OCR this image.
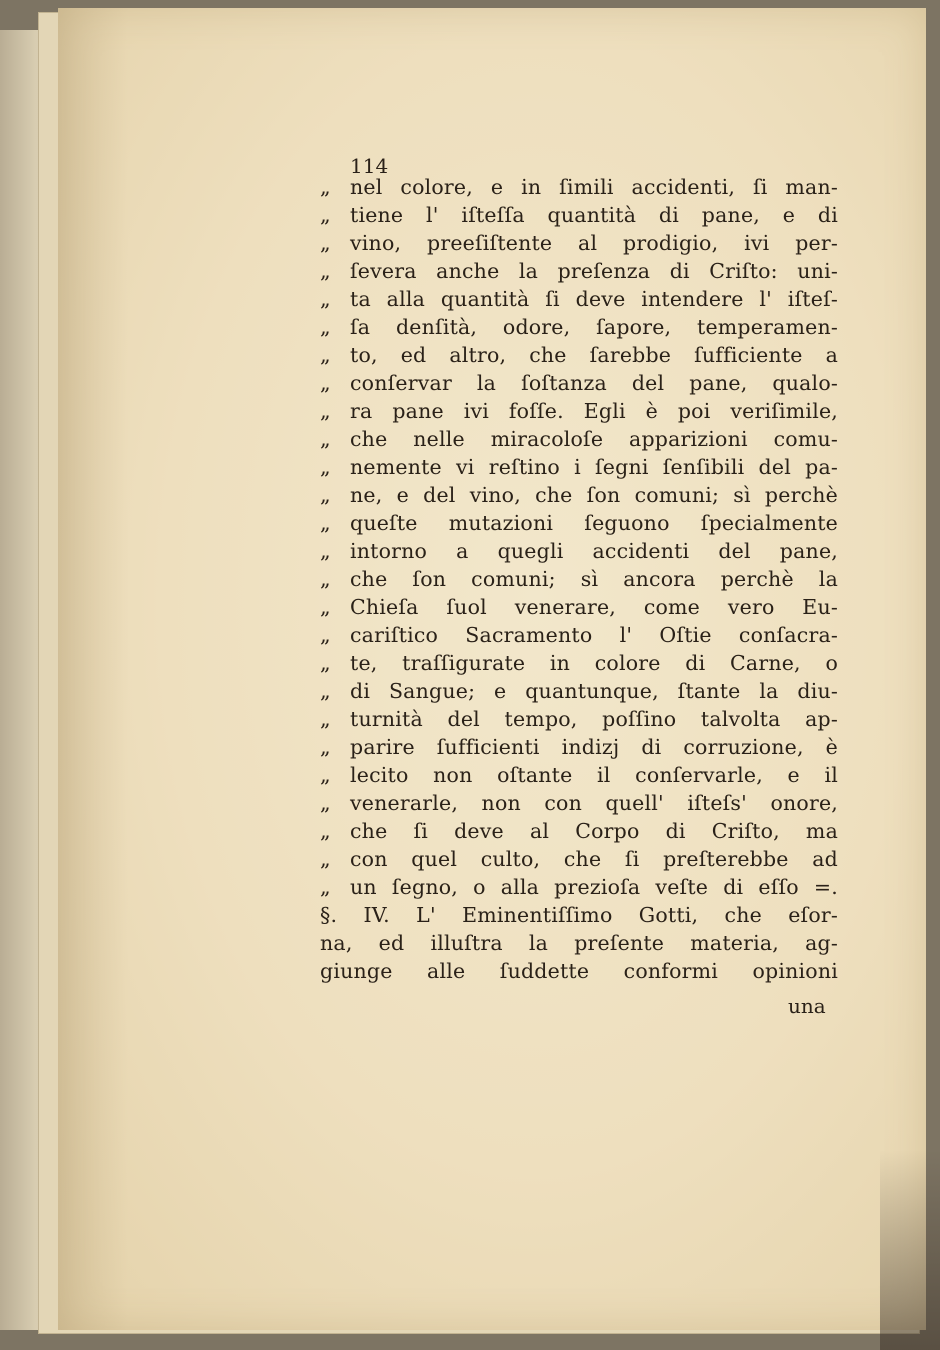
114
„ nel colore, e in ſimili accidenti, ſi man-
„ tiene l' iſteſſa quantità di pane, e di
„ vino, preeſiſtente al prodigio, ivi per-
„ ſevera anche la preſenza di Criſto: uni-
„ ta alla quantità ſi deve intendere l' iſteſ-
„ ſa denſità, odore, ſapore, temperamen-
„ to, ed altro, che ſarebbe ſufficiente a
„ conſervar la ſoſtanza del pane, qualo-
„ ra pane ivi foſſe. Egli è poi veriſimile,
„ che nelle miracoloſe apparizioni comu-
„ nemente vi reſtino i ſegni ſenſibili del pa-
„ ne, e del vino, che ſon comuni; sì perchè
„ queſte mutazioni ſeguono ſpecialmente
„ intorno a quegli accidenti del pane,
„ che ſon comuni; sì ancora perchè la
„ Chieſa ſuol venerare, come vero Eu-
„ cariſtico Sacramento l' Oſtie conſacra-
„ te, traſſigurate in colore di Carne, o
„ di Sangue; e quantunque, ſtante la diu-
„ turnità del tempo, poſſino talvolta ap-
„ parire ſufficienti indizj di corruzione, è
„ lecito non oſtante il conſervarle, e il
„ venerarle, non con quell' iſteſs' onore,
„ che ſi deve al Corpo di Criſto, ma
„ con quel culto, che ſi preſterebbe ad
„ un ſegno, o alla prezioſa veſte di eſſo =.
§. IV. L' Eminentiſſimo Gotti, che eſor-
na, ed illuſtra la preſente materia, ag-
giunge alle ſuddette conformi opinioni
una
